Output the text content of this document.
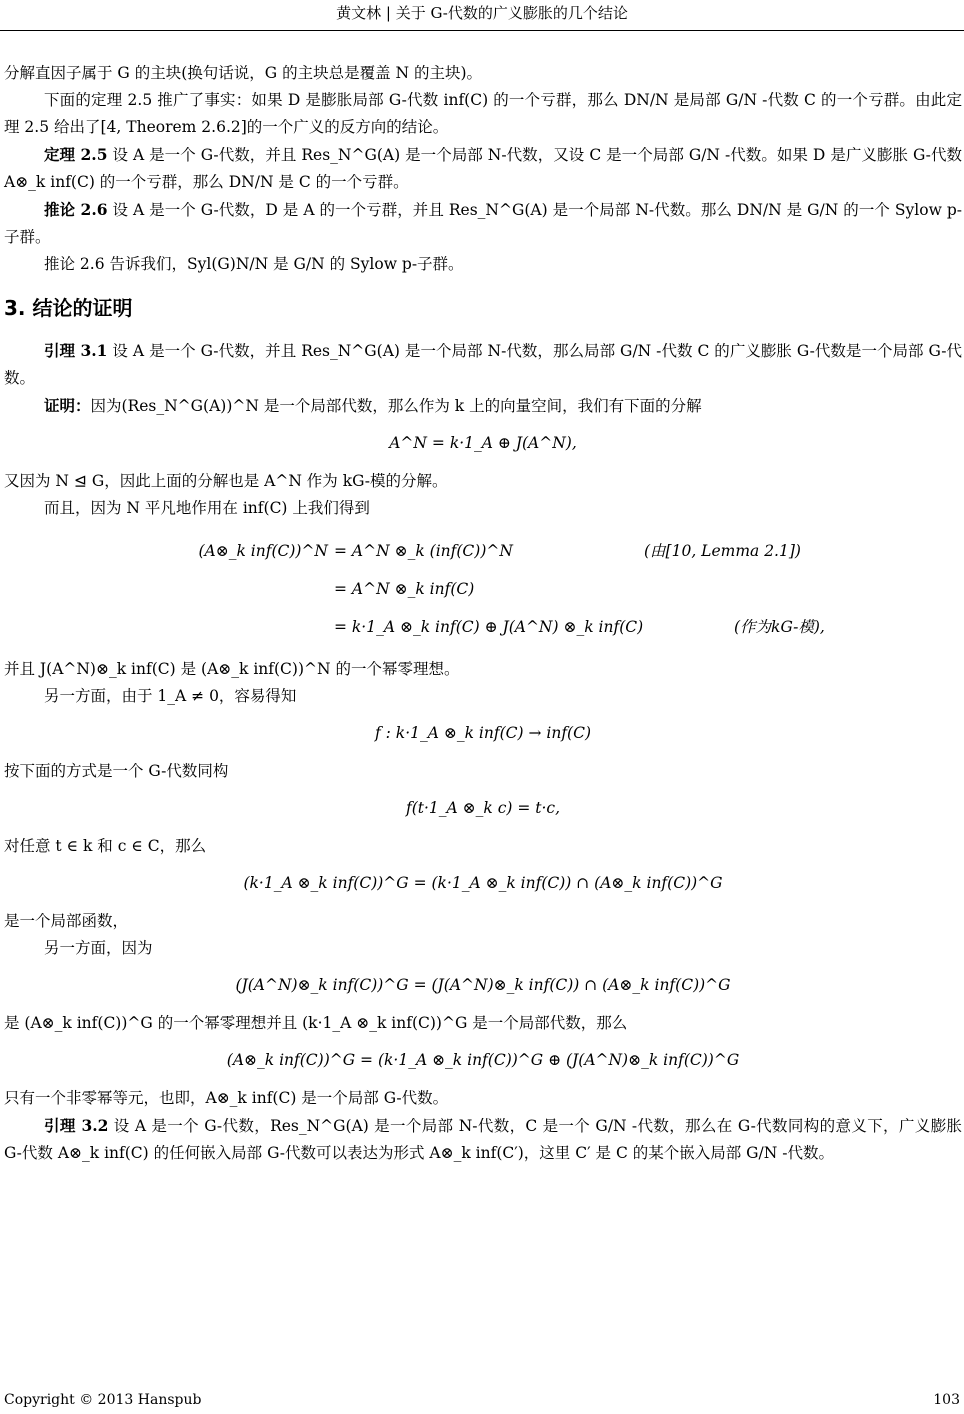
黄文林 | 关于 G-代数的广义膨胀的几个结论

分解直因子属于 G 的主块(换句话说，G 的主块总是覆盖 N 的主块)。

下面的定理 2.5 推广了事实：如果 D 是膨胀局部 G-代数 inf(C) 的一个亏群，那么 DN/N 是局部 G/N -代数 C 的一个亏群。由此定理 2.5 给出了[4, Theorem 2.6.2]的一个广义的反方向的结论。

定理 2.5 设 A 是一个 G-代数，并且 Res_N^G(A) 是一个局部 N-代数，又设 C 是一个局部 G/N -代数。如果 D 是广义膨胀 G-代数 A⊗_k inf(C) 的一个亏群，那么 DN/N 是 C 的一个亏群。

推论 2.6 设 A 是一个 G-代数，D 是 A 的一个亏群，并且 Res_N^G(A) 是一个局部 N-代数。那么 DN/N 是 G/N 的一个 Sylow p-子群。

推论 2.6 告诉我们，Syl(G)N/N 是 G/N 的 Sylow p-子群。

3. 结论的证明

引理 3.1 设 A 是一个 G-代数，并且 Res_N^G(A) 是一个局部 N-代数，那么局部 G/N -代数 C 的广义膨胀 G-代数是一个局部 G-代数。

证明：因为(Res_N^G(A))^N 是一个局部代数，那么作为 k 上的向量空间，我们有下面的分解

A^N = k·1_A ⊕ J(A^N),

又因为 N ⊴ G，因此上面的分解也是 A^N 作为 kG-模的分解。

而且，因为 N 平凡地作用在 inf(C) 上我们得到

(A⊗_k inf(C))^N = A^N ⊗_k (inf(C))^N	(由[10, Lemma 2.1])
= A^N ⊗_k inf(C)
= k·1_A ⊗_k inf(C) ⊕ J(A^N) ⊗_k inf(C)	(作为kG-模),

并且 J(A^N)⊗_k inf(C) 是 (A⊗_k inf(C))^N 的一个幂零理想。

另一方面，由于 1_A ≠ 0，容易得知

f : k·1_A ⊗_k inf(C) → inf(C)

按下面的方式是一个 G-代数同构

f(t·1_A ⊗_k c) = t·c,

对任意 t ∈ k 和 c ∈ C，那么

(k·1_A ⊗_k inf(C))^G = (k·1_A ⊗_k inf(C)) ∩ (A⊗_k inf(C))^G

是一个局部函数，

另一方面，因为

(J(A^N)⊗_k inf(C))^G = (J(A^N)⊗_k inf(C)) ∩ (A⊗_k inf(C))^G

是 (A⊗_k inf(C))^G 的一个幂零理想并且 (k·1_A ⊗_k inf(C))^G 是一个局部代数，那么

(A⊗_k inf(C))^G = (k·1_A ⊗_k inf(C))^G ⊕ (J(A^N)⊗_k inf(C))^G

只有一个非零幂等元，也即，A⊗_k inf(C) 是一个局部 G-代数。

引理 3.2 设 A 是一个 G-代数，Res_N^G(A) 是一个局部 N-代数，C 是一个 G/N -代数，那么在 G-代数同构的意义下，广义膨胀 G-代数 A⊗_k inf(C) 的任何嵌入局部 G-代数可以表达为形式 A⊗_k inf(C′)，这里 C′ 是 C 的某个嵌入局部 G/N -代数。

Copyright © 2013 Hanspub	103
